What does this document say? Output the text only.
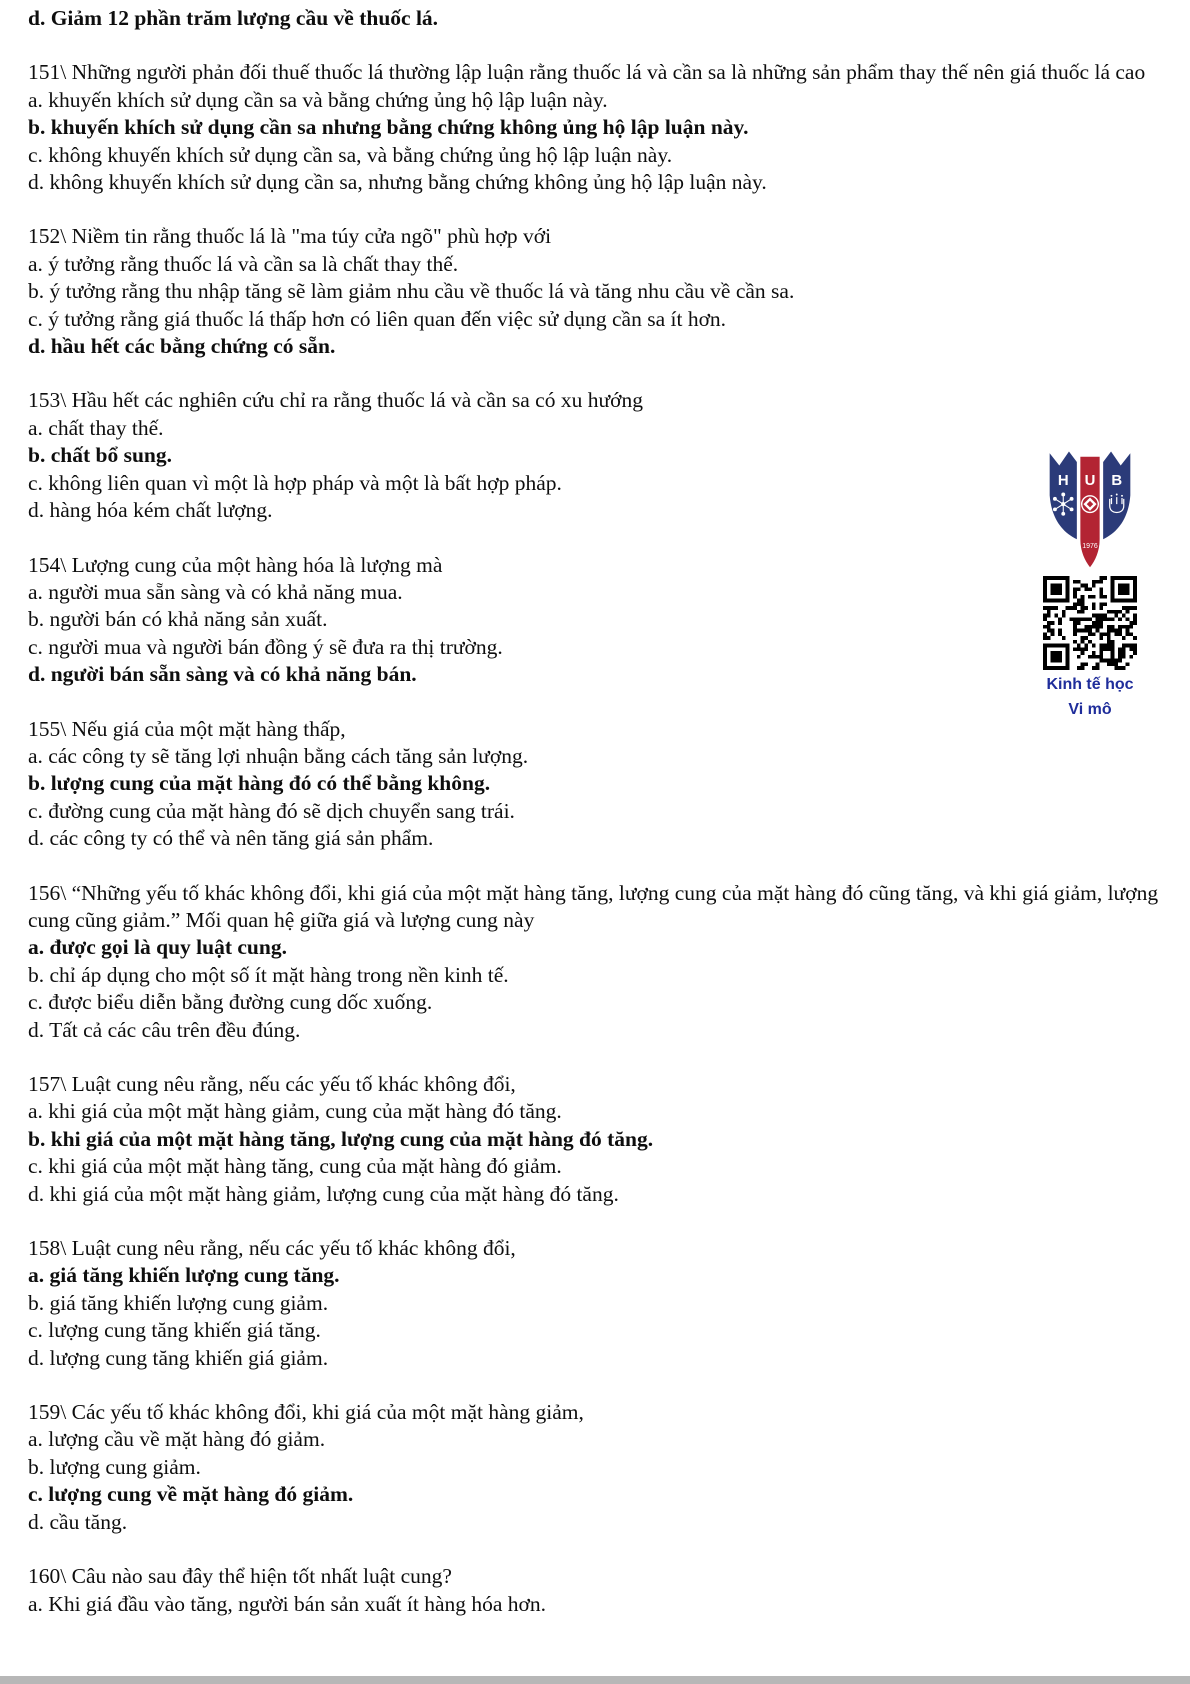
d. Giảm 12 phần trăm lượng cầu về thuốc lá.

151\ Những người phản đối thuế thuốc lá thường lập luận rằng thuốc lá và cần sa là những sản phẩm thay thế nên giá thuốc lá cao

a. khuyến khích sử dụng cần sa và bằng chứng ủng hộ lập luận này.

b. khuyến khích sử dụng cần sa nhưng bằng chứng không ủng hộ lập luận này.

c. không khuyến khích sử dụng cần sa, và bằng chứng ủng hộ lập luận này.

d. không khuyến khích sử dụng cần sa, nhưng bằng chứng không ủng hộ lập luận này.

152\ Niềm tin rằng thuốc lá là "ma túy cửa ngõ" phù hợp với

a. ý tưởng rằng thuốc lá và cần sa là chất thay thế.

b. ý tưởng rằng thu nhập tăng sẽ làm giảm nhu cầu về thuốc lá và tăng nhu cầu về cần sa.

c. ý tưởng rằng giá thuốc lá thấp hơn có liên quan đến việc sử dụng cần sa ít hơn.

d. hầu hết các bằng chứng có sẵn.

153\ Hầu hết các nghiên cứu chỉ ra rằng thuốc lá và cần sa có xu hướng

a. chất thay thế.

b. chất bổ sung.

c. không liên quan vì một là hợp pháp và một là bất hợp pháp.

d. hàng hóa kém chất lượng.

154\ Lượng cung của một hàng hóa là lượng mà

a. người mua sẵn sàng và có khả năng mua.

b. người bán có khả năng sản xuất.

c. người mua và người bán đồng ý sẽ đưa ra thị trường.

d. người bán sẵn sàng và có khả năng bán.

155\ Nếu giá của một mặt hàng thấp,

a. các công ty sẽ tăng lợi nhuận bằng cách tăng sản lượng.

b. lượng cung của mặt hàng đó có thể bằng không.

c. đường cung của mặt hàng đó sẽ dịch chuyển sang trái.

d. các công ty có thể và nên tăng giá sản phẩm.

156\ “Những yếu tố khác không đổi, khi giá của một mặt hàng tăng, lượng cung của mặt hàng đó cũng tăng, và khi giá giảm, lượng cung cũng giảm.” Mối quan hệ giữa giá và lượng cung này

a. được gọi là quy luật cung.

b. chỉ áp dụng cho một số ít mặt hàng trong nền kinh tế.

c. được biểu diễn bằng đường cung dốc xuống.

d. Tất cả các câu trên đều đúng.

157\ Luật cung nêu rằng, nếu các yếu tố khác không đổi,

a. khi giá của một mặt hàng giảm, cung của mặt hàng đó tăng.

b. khi giá của một mặt hàng tăng, lượng cung của mặt hàng đó tăng.

c. khi giá của một mặt hàng tăng, cung của mặt hàng đó giảm.

d. khi giá của một mặt hàng giảm, lượng cung của mặt hàng đó tăng.

158\ Luật cung nêu rằng, nếu các yếu tố khác không đổi,

a. giá tăng khiến lượng cung tăng.

b. giá tăng khiến lượng cung giảm.

c. lượng cung tăng khiến giá tăng.

d. lượng cung tăng khiến giá giảm.

159\ Các yếu tố khác không đổi, khi giá của một mặt hàng giảm,

a. lượng cầu về mặt hàng đó giảm.

b. lượng cung giảm.

c. lượng cung về mặt hàng đó giảm.

d. cầu tăng.

160\ Câu nào sau đây thể hiện tốt nhất luật cung?

a. Khi giá đầu vào tăng, người bán sản xuất ít hàng hóa hơn.

H U B
1976

Kinh tế học

Vi mô
